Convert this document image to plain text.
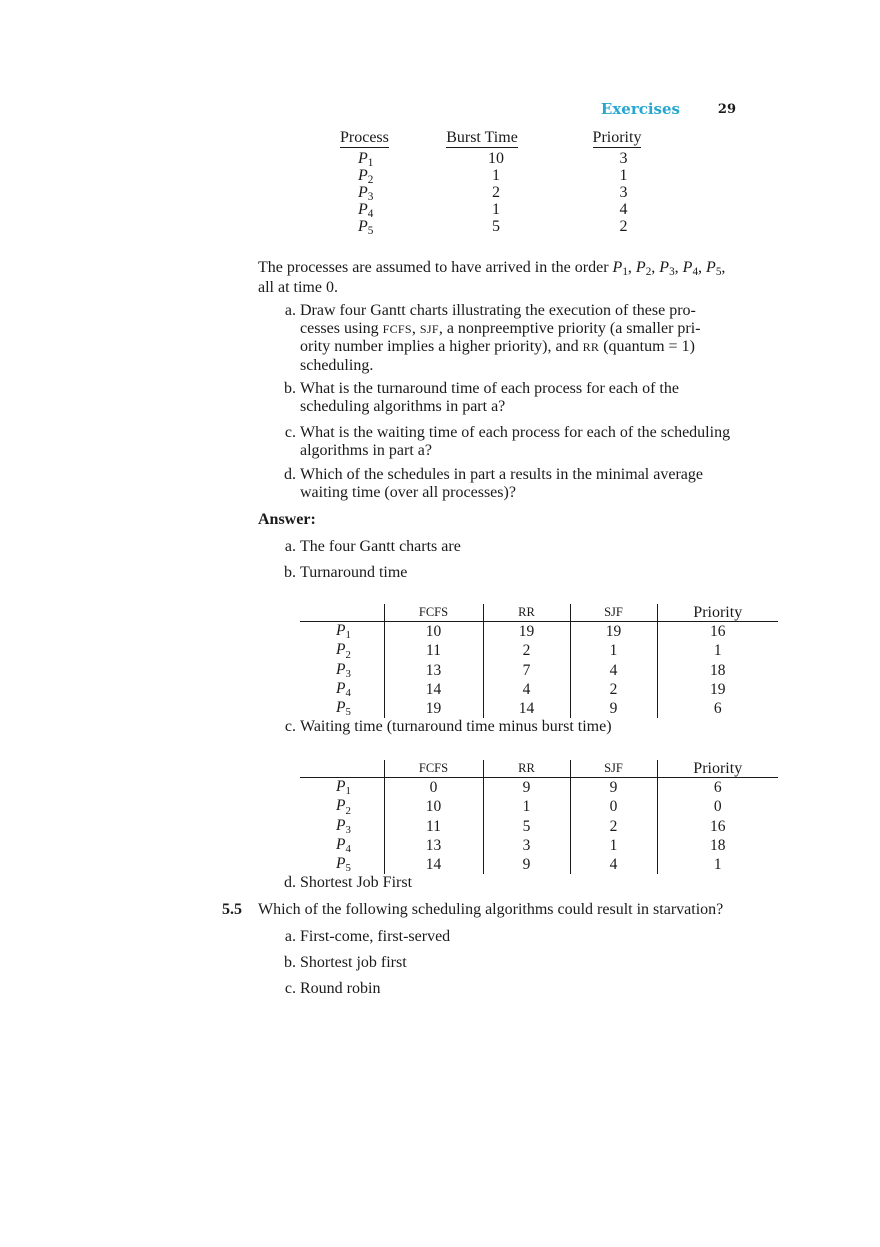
Exercises	29
Process	Burst Time	Priority
$P_1$	10	3
$P_2$	1	1
$P_3$	2	3
$P_4$	1	4
$P_5$	5	2
The processes are assumed to have arrived in the order $P_1$, $P_2$, $P_3$, $P_4$, $P_5$,
all at time 0.
a. Draw four Gantt charts illustrating the execution of these pro-
cesses using FCFS, SJF, a nonpreemptive priority (a smaller pri-
ority number implies a higher priority), and RR (quantum = 1)
scheduling.
b. What is the turnaround time of each process for each of the
scheduling algorithms in part a?
c. What is the waiting time of each process for each of the scheduling
algorithms in part a?
d. Which of the schedules in part a results in the minimal average
waiting time (over all processes)?
Answer:
a. The four Gantt charts are
b. Turnaround time
	FCFS	RR	SJF	Priority
$P_1$	10	19	19	16
$P_2$	11	2	1	1
$P_3$	13	7	4	18
$P_4$	14	4	2	19
$P_5$	19	14	9	6
c. Waiting time (turnaround time minus burst time)
	FCFS	RR	SJF	Priority
$P_1$	0	9	9	6
$P_2$	10	1	0	0
$P_3$	11	5	2	16
$P_4$	13	3	1	18
$P_5$	14	9	4	1
d. Shortest Job First
5.5 Which of the following scheduling algorithms could result in starvation?
a. First-come, first-served
b. Shortest job first
c. Round robin
